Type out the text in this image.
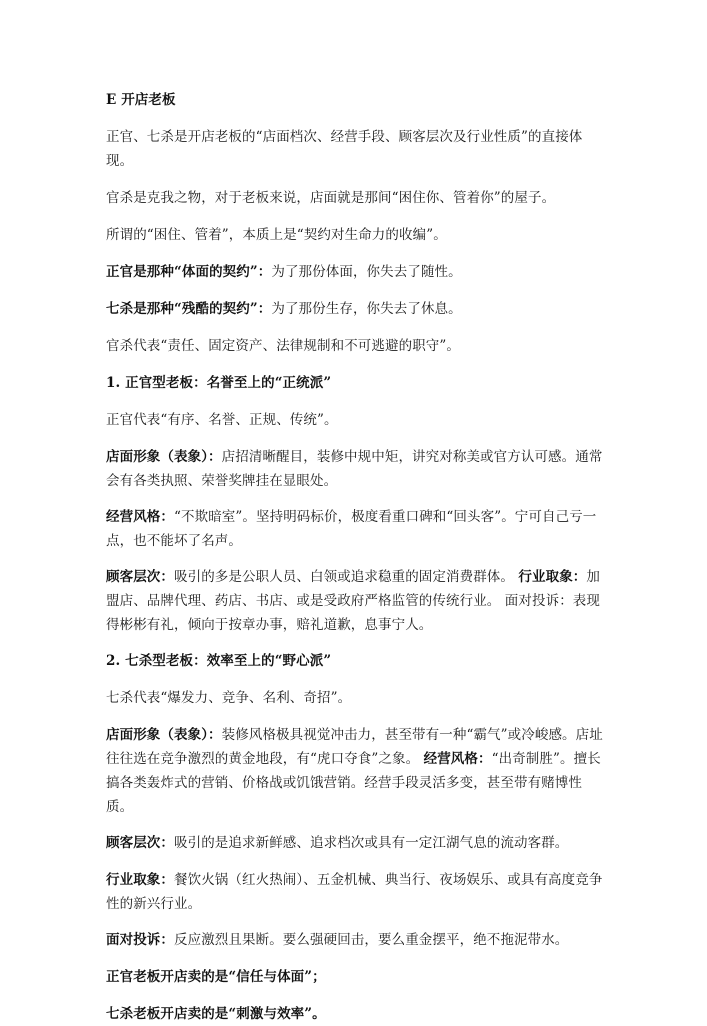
E 开店老板

正官、七杀是开店老板的“店面档次、经营手段、顾客层次及行业性质”的直接体现。

官杀是克我之物，对于老板来说，店面就是那间“困住你、管着你”的屋子。

所谓的“困住、管着”，本质上是“契约对生命力的收编”。

正官是那种“体面的契约”：为了那份体面，你失去了随性。

七杀是那种“残酷的契约”：为了那份生存，你失去了休息。

官杀代表“责任、固定资产、法律规制和不可逃避的职守”。

1. 正官型老板：名誉至上的“正统派”

正官代表“有序、名誉、正规、传统”。

店面形象（表象）：店招清晰醒目，装修中规中矩，讲究对称美或官方认可感。通常会有各类执照、荣誉奖牌挂在显眼处。

经营风格：“不欺暗室”。坚持明码标价，极度看重口碑和“回头客”。宁可自己亏一点，也不能坏了名声。

顾客层次：吸引的多是公职人员、白领或追求稳重的固定消费群体。 行业取象：加盟店、品牌代理、药店、书店、或是受政府严格监管的传统行业。 面对投诉：表现得彬彬有礼，倾向于按章办事，赔礼道歉，息事宁人。

2. 七杀型老板：效率至上的“野心派”

七杀代表“爆发力、竞争、名利、奇招”。

店面形象（表象）：装修风格极具视觉冲击力，甚至带有一种“霸气”或冷峻感。店址往往选在竞争激烈的黄金地段，有“虎口夺食”之象。 经营风格：“出奇制胜”。擅长搞各类轰炸式的营销、价格战或饥饿营销。经营手段灵活多变，甚至带有赌博性质。

顾客层次：吸引的是追求新鲜感、追求档次或具有一定江湖气息的流动客群。

行业取象：餐饮火锅（红火热闹）、五金机械、典当行、夜场娱乐、或具有高度竞争性的新兴行业。

面对投诉：反应激烈且果断。要么强硬回击，要么重金摆平，绝不拖泥带水。

正官老板开店卖的是“信任与体面”；

七杀老板开店卖的是“刺激与效率”。
